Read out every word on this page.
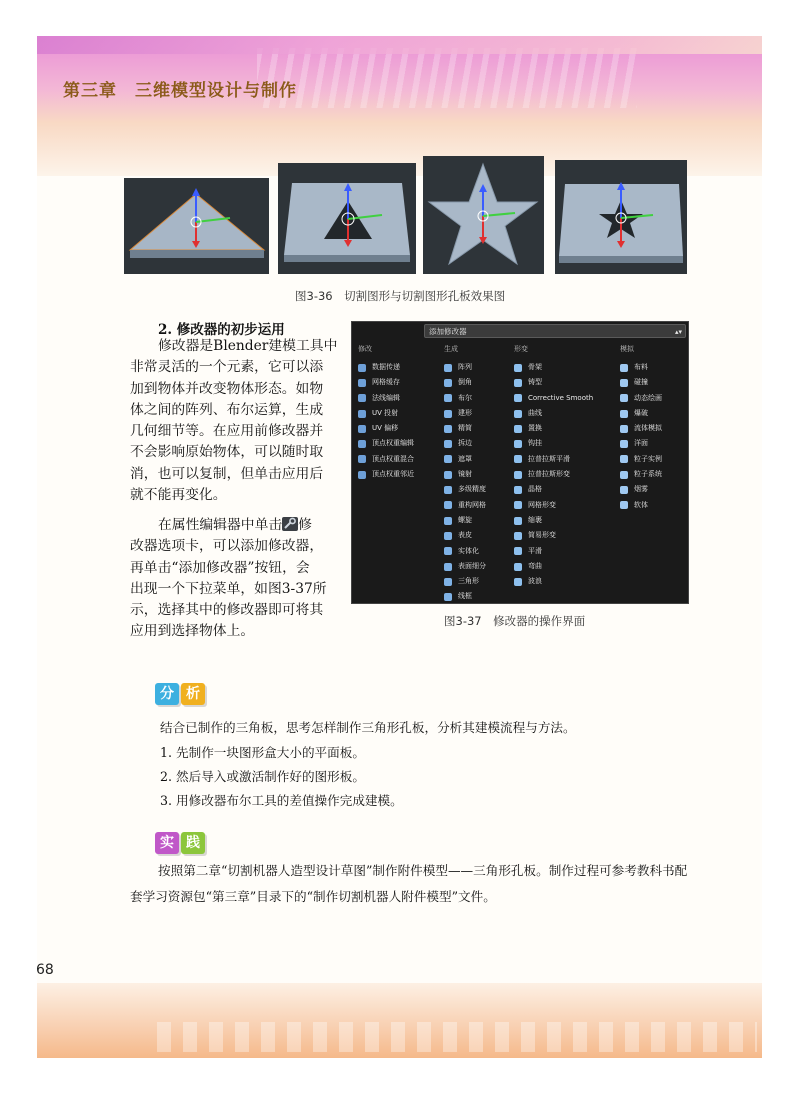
第三章　三维模型设计与制作
图3-36　切割图形与切割图形孔板效果图
2. 修改器的初步运用
修改器是Blender建模工具中
非常灵活的一个元素，它可以添
加到物体并改变物体形态。如物
体之间的阵列、布尔运算，生成
几何细节等。在应用前修改器并
不会影响原始物体，可以随时取
消，也可以复制，但单击应用后
就不能再变化。
在属性编辑器中单击 修
改器选项卡，可以添加修改器，
再单击“添加修改器”按钮，会
出现一个下拉菜单，如图3-37所
示，选择其中的修改器即可将其
应用到选择物体上。
添加修改器	▴▾
修改
数据传递
网格缓存
法线编辑
UV 投射
UV 偏移
顶点权重编辑
顶点权重混合
顶点权重邻近
生成
阵列
倒角
布尔
建形
精简
拆边
遮罩
镜射
多级精度
重构网格
螺旋
表皮
实体化
表面细分
三角形
线框
形变
骨架
铸型
Corrective Smooth
曲线
置换
钩挂
拉普拉斯平滑
拉普拉斯形变
晶格
网格形变
缩裹
简易形变
平滑
弯曲
波浪
模拟
布料
碰撞
动态绘画
爆破
流体模拟
洋面
粒子实例
粒子系统
烟雾
软体
图3-37　修改器的操作界面
分 析
结合已制作的三角板，思考怎样制作三角形孔板，分析其建模流程与方法。
1. 先制作一块图形盒大小的平面板。
2. 然后导入或激活制作好的图形板。
3. 用修改器布尔工具的差值操作完成建模。
实 践

按照第二章“切割机器人造型设计草图”制作附件模型——三角形孔板。制作过程可参考教科书配套学习资源包“第三章”目录下的“制作切割机器人附件模型”文件。

68
